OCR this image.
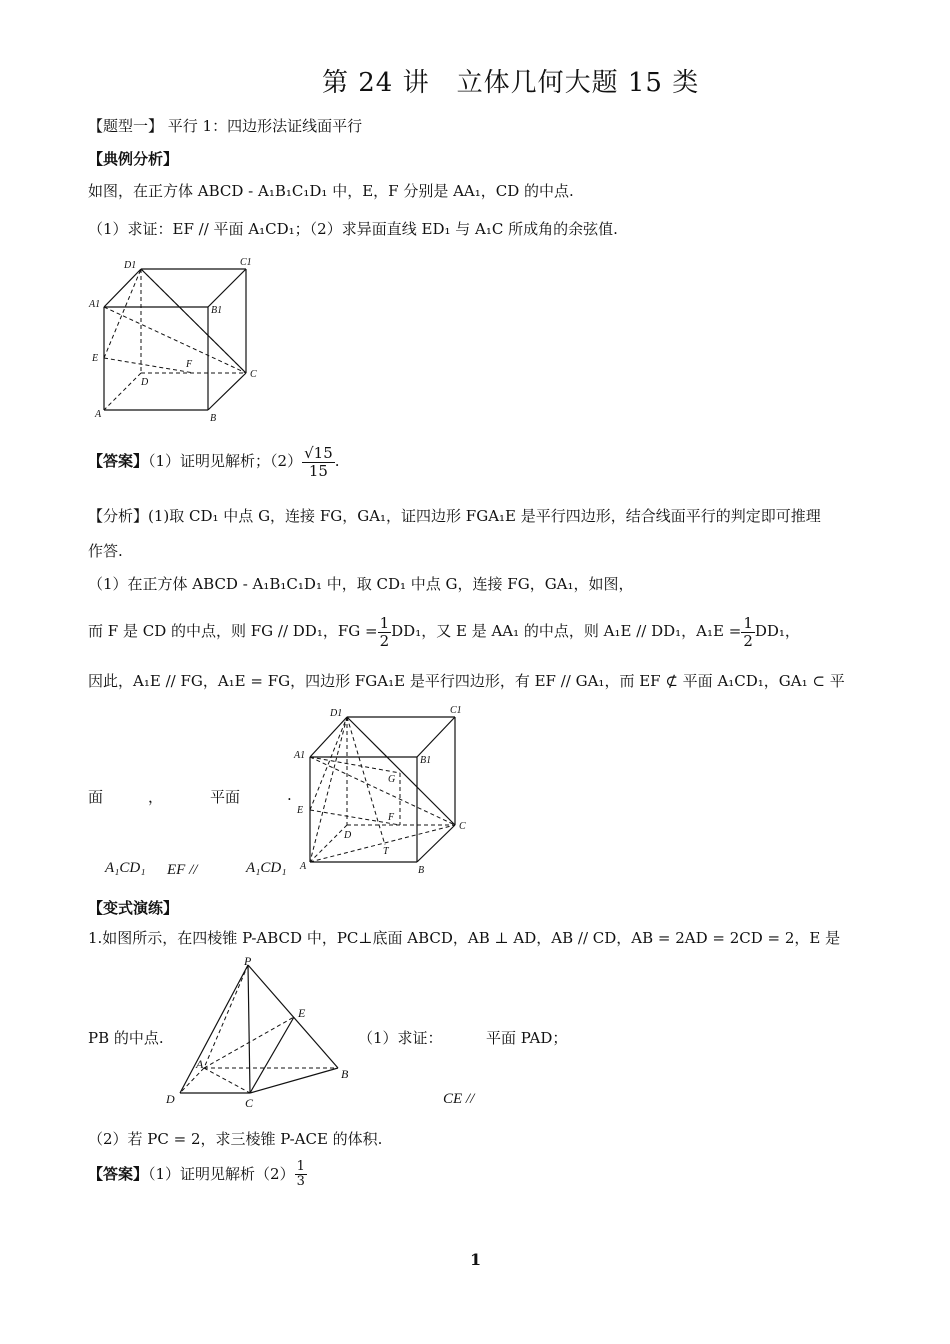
第 24 讲　立体几何大题 15 类
【题型一】 平行 1：四边形法证线面平行
【典例分析】
如图，在正方体 ABCD - A₁B₁C₁D₁ 中，E，F 分别是 AA₁，CD 的中点.
（1）求证：EF // 平面 A₁CD₁；（2）求异面直线 ED₁ 与 A₁C 所成角的余弦值.
D1	C1
A1
B1
E
F
D
C
A	B
【答案】（1）证明见解析；$(2) \frac{√15}{15}$ .
【分析】(1)取 CD₁ 中点 G，连接 FG，GA₁，证四边形 FGA₁E 是平行四边形，结合线面平行的判定即可推理
作答.
（1）在正方体 ABCD - A₁B₁C₁D₁ 中，取 CD₁ 中点 G，连接 FG，GA₁，如图，
而 F 是 CD 的中点，则 FG // DD₁，FG = $\frac{1}{2} DD_1$，又 E 是 AA₁ 的中点，则 A₁E // DD₁，$A_1E = \frac{1}{2} DD_1$，
因此，A₁E // FG，A₁E = FG，四边形 FGA₁E 是平行四边形，有 EF // GA₁，而 EF ⊄ 平面 A₁CD₁，GA₁ ⊂ 平
D1	C1
A1	B1
G
E
F
D
C
A
T
B
面	，	平面	.
A₁CD₁ EF //	A₁CD₁
【变式演练】
1.如图所示，在四棱锥 P-ABCD 中，PC⊥底面 ABCD，AB ⊥ AD，AB // CD，AB = 2AD = 2CD = 2，E 是
P
E
A
B
D	C
PB 的中点.	（1）求证：	平面 PAD；
CE //
（2）若 PC = 2，求三棱锥 P-ACE 的体积.
【答案】（1）证明见解析$(2) \frac{1}{3}$
1
